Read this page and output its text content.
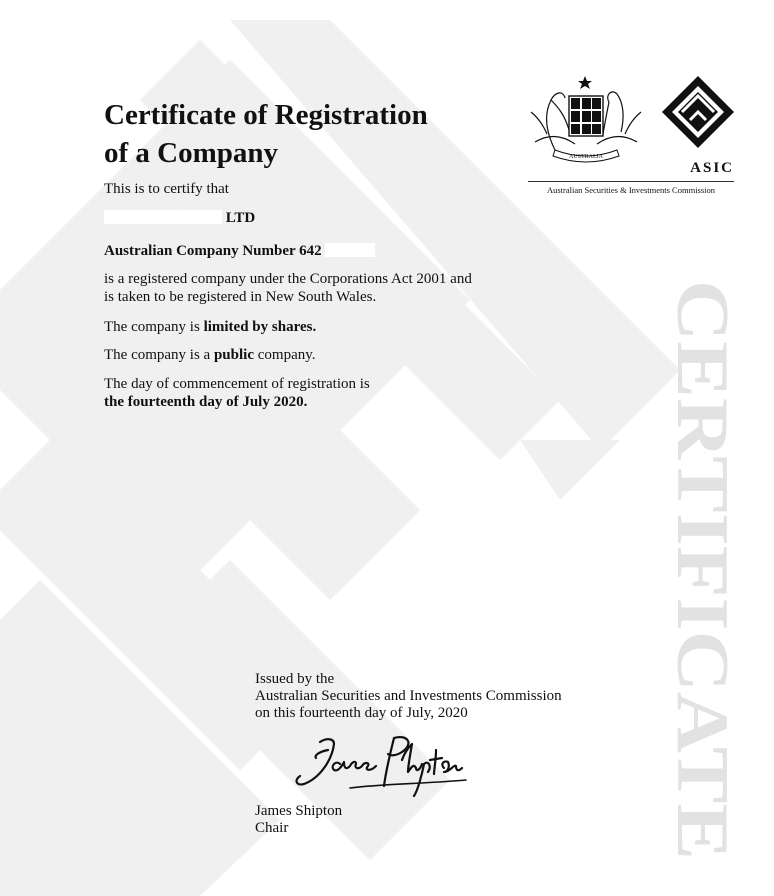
CERTIFICATE
AUSTRALIA
ASIC
Australian Securities & Investments Commission
Certificate of Registration
of a Company

This is to certify that

LTD

Australian Company Number 642

is a registered company under the Corporations Act 2001 and
is taken to be registered in New South Wales.

The company is limited by shares.

The company is a public company.

The day of commencement of registration is
the fourteenth day of July 2020.

Issued by the
Australian Securities and Investments Commission
on this fourteenth day of July, 2020

James Shipton
Chair
